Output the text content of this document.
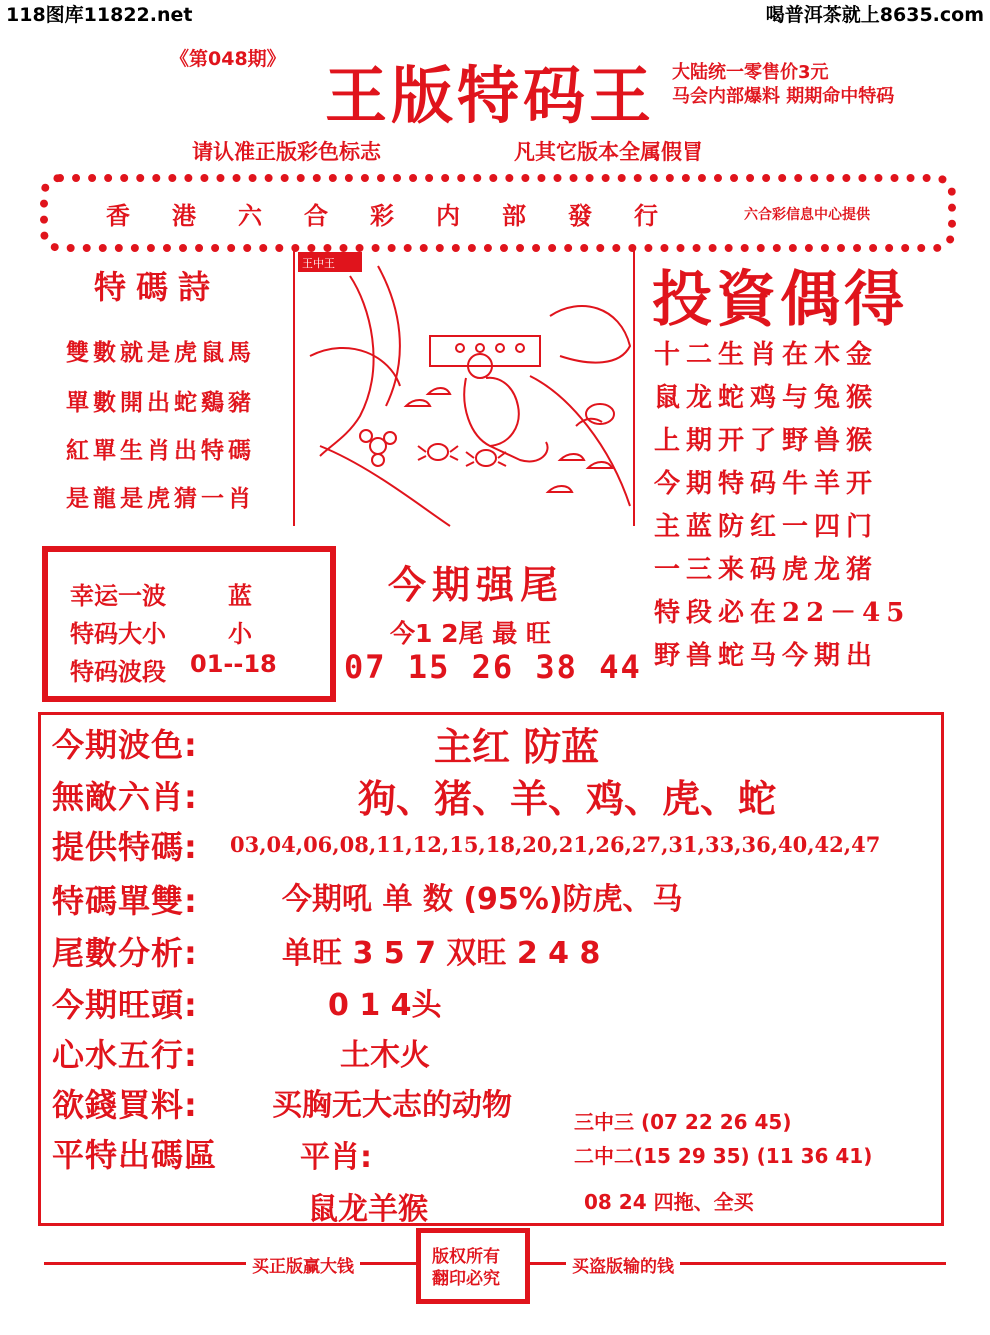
118图库11822.net	喝普洱茶就上8635.com
《第048期》 王版特码王 大陆统一零售价3元
马会内部爆料 期期命中特码
请认准正版彩色标志	凡其它版本全属假冒
香港六合彩内部發行	六合彩信息中心提供
特碼詩
雙數就是虎鼠馬
單數開出蛇鷄豬
紅單生肖出特碼
是龍是虎猜一肖
王中王
投資偶得
十二生肖在木金
鼠龙蛇鸡与兔猴
上期开了野兽猴
今期特码牛羊开
主蓝防红一四门
一三来码虎龙猪
特段必在22－45
野兽蛇马今期出
幸运一波	蓝
特码大小	小
特码波段 01--18
今期强尾
今1 2尾 最 旺
07 15 26 38 44
今期波色:	主红 防蓝
無敵六肖:	狗、猪、羊、鸡、虎、蛇
提供特碼: 03,04,06,08,11,12,15,18,20,21,26,27,31,33,36,40,42,47
特碼單雙:	今期吼 单 数 (95%)防虎、马
尾數分析:	单旺 3 5 7 双旺 2 4 8
今期旺頭:	0 1 4头
心水五行:	土木火
欲錢買料: 买胸无大志的动物
平特出碼區	平肖:
鼠龙羊猴
三中三 (07 22 26 45)
二中二(15 29 35) (11 36 41)
08 24 四拖、全买
买正版赢大钱	买盗版输的钱
版权所有
翻印必究
